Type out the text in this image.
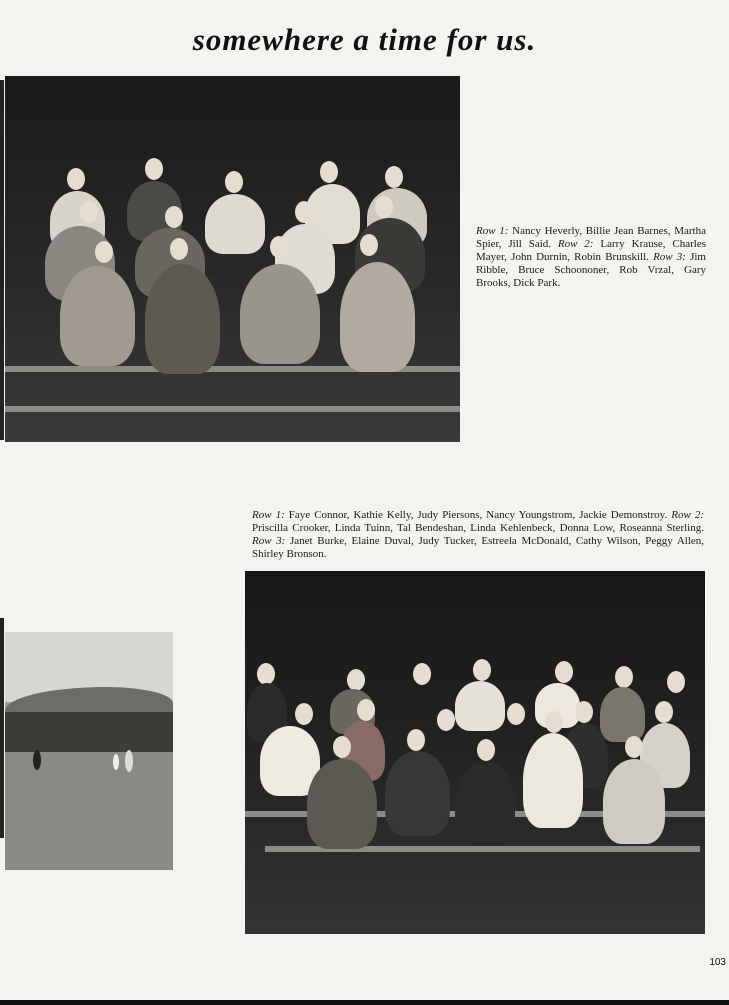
somewhere a time for us.
Row 1: Nancy Heverly, Billie Jean Barnes, Martha Spier, Jill Said. Row 2: Larry Krause, Charles Mayer, John Durnin, Robin Brunskill. Row 3: Jim Ribble, Bruce Schoononer, Rob Vrzal, Gary Brooks, Dick Park.
Row 1: Faye Connor, Kathie Kelly, Judy Piersons, Nancy Youngstrom, Jackie Demonstroy. Row 2: Priscilla Crooker, Linda Tuinn, Tal Bendeshan, Linda Kehlenbeck, Donna Low, Roseanna Sterling. Row 3: Janet Burke, Elaine Duval, Judy Tucker, Estreela McDonald, Cathy Wilson, Peggy Allen, Shirley Bronson.
103
